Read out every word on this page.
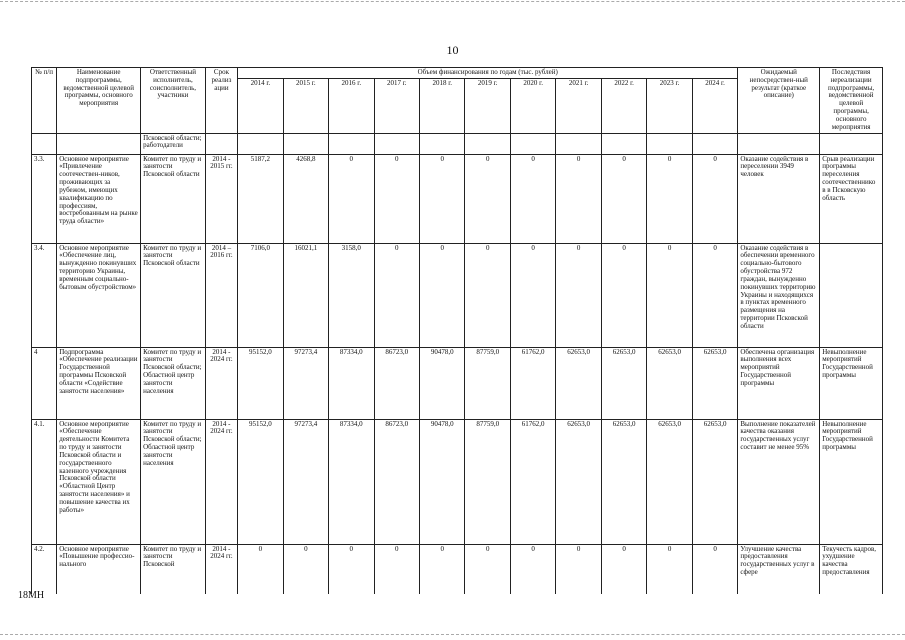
10
№ п/п	Наименование подпрограммы, ведомственной целевой программы, основного мероприятия	Ответственный исполнитель, соисполнитель, участники	Срок реализ ации	Объем финансирования по годам (тыс. рублей)											Ожидаемый непосредствен-ный результат (краткое описание)	Последствия нереализации подпрограммы, ведомственной целевой программы, основного мероприятия
				2014 г.	2015 г.	2016 г.	2017 г.	2018 г.	2019 г.	2020 г.	2021 г.	2022 г.	2023 г.	2024 г.		
		Псковской области; работодатели														
3.3.	Основное мероприятие «Привлечение соотечествен-ников, проживающих за рубежом, имеющих квалификацию по профессиям, востребованным на рынке труда области»	Комитет по труду и занятости Псковской области	2014 - 2015 гг.	5187,2	4268,8	0	0	0	0	0	0	0	0	0	Оказание содействия в переселении 3949 человек	Срыв реализации программы переселения соотечественнико в в Псковскую область
3.4.	Основное мероприятие «Обеспечение лиц, вынужденно покинувших территорию Украины, временным социально-бытовым обустройством»	Комитет по труду и занятости Псковской области	2014 – 2016 гг.	7106,0	16021,1	3158,0	0	0	0	0	0	0	0	0	Оказание содействия в обеспечении временного социально-бытового обустройства 972 граждан, вынужденно покинувших территорию Украины и находящихся в пунктах временного размещения на территории Псковской области	
4	Подпрограмма «Обеспечение реализации Государственной программы Псковской области «Содействие занятости населения»	Комитет по труду и занятости Псковской области; Областной центр занятости населения	2014 - 2024 гг.	95152,0	97273,4	87334,0	86723,0	90478,0	87759,0	61762,0	62653,0	62653,0	62653,0	62653,0	Обеспечена организация выполнения всех мероприятий Государственной программы	Невыполнение мероприятий Государственной программы
4.1.	Основное мероприятие «Обеспечение деятельности Комитета по труду и занятости Псковской области и государственного казенного учреждения Псковской области «Областной Центр занятости населения» и повышение качества их работы»	Комитет по труду и занятости Псковской области; Областной центр занятости населения	2014 - 2024 гг.	95152,0	97273,4	87334,0	86723,0	90478,0	87759,0	61762,0	62653,0	62653,0	62653,0	62653,0	Выполнение показателей качества оказания государственных услуг составит не менее 95%	Невыполнение мероприятий Государственной программы
4.2.	Основное мероприятие «Повышение профессио-нального	Комитет по труду и занятости Псковской	2014 - 2024 гг.	0	0	0	0	0	0	0	0	0	0	0	Улучшение качества предоставления государственных услуг в сфере	Текучесть кадров, ухудшение качества предоставления
18МН
